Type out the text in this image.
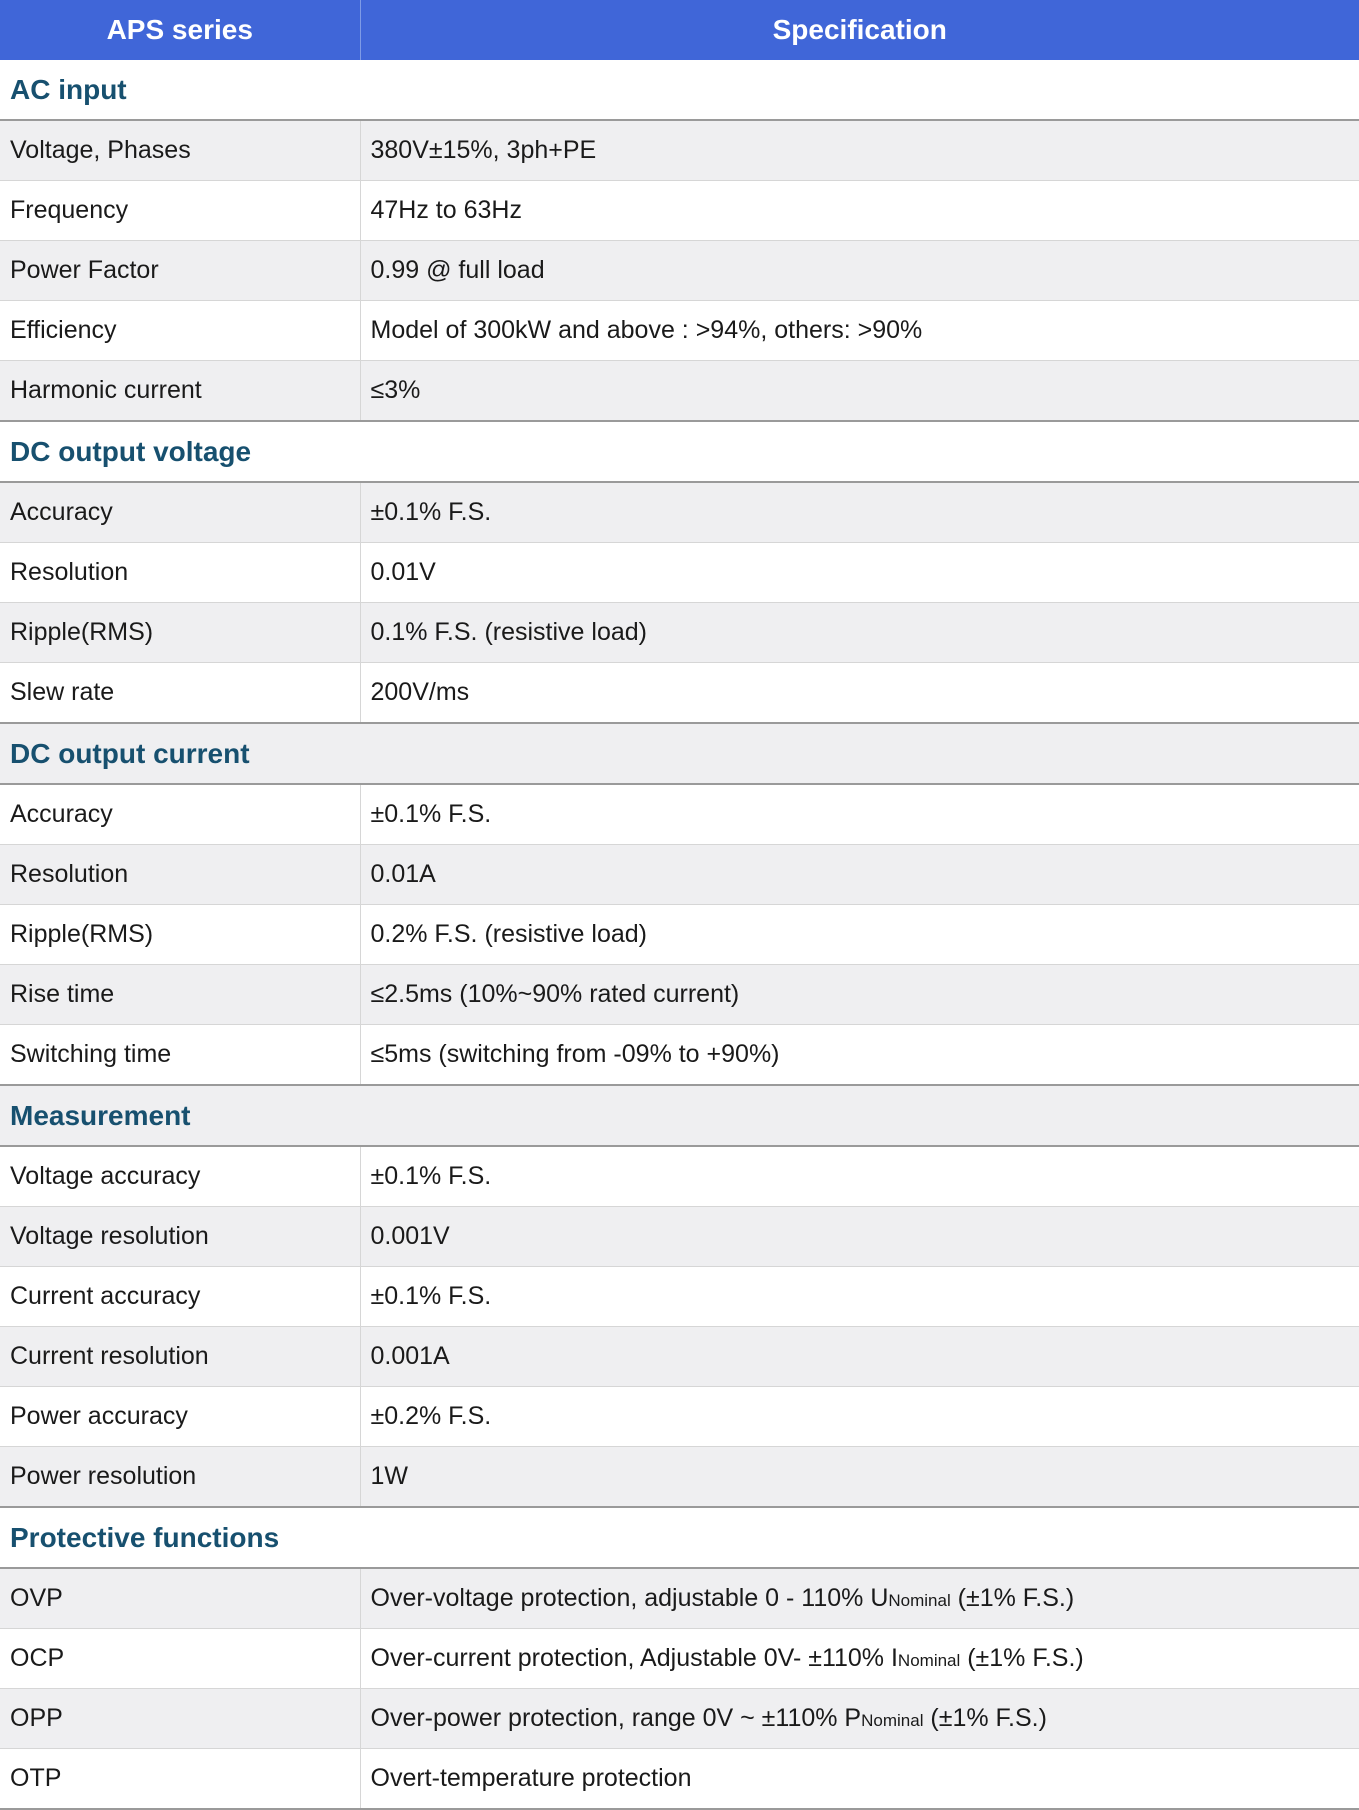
APS series	Specification
AC input	
Voltage, Phases	380V±15%, 3ph+PE
Frequency	47Hz to 63Hz
Power Factor	0.99 @ full load
Efficiency	Model of 300kW and above : >94%, others: >90%
Harmonic current	≤3%
DC output voltage	
Accuracy	±0.1% F.S.
Resolution	0.01V
Ripple(RMS)	0.1% F.S. (resistive load)
Slew rate	200V/ms
DC output current	
Accuracy	±0.1% F.S.
Resolution	0.01A
Ripple(RMS)	0.2% F.S. (resistive load)
Rise time	≤2.5ms (10%~90% rated current)
Switching time	≤5ms (switching from -09% to +90%)
Measurement	
Voltage accuracy	±0.1% F.S.
Voltage resolution	0.001V
Current accuracy	±0.1% F.S.
Current resolution	0.001A
Power accuracy	±0.2% F.S.
Power resolution	1W
Protective functions	
OVP	Over-voltage protection, adjustable 0 - 110% UNominal (±1% F.S.)
OCP	Over-current protection, Adjustable 0V- ±110% INominal (±1% F.S.)
OPP	Over-power protection, range 0V ~ ±110% PNominal (±1% F.S.)
OTP	Overt-temperature protection
